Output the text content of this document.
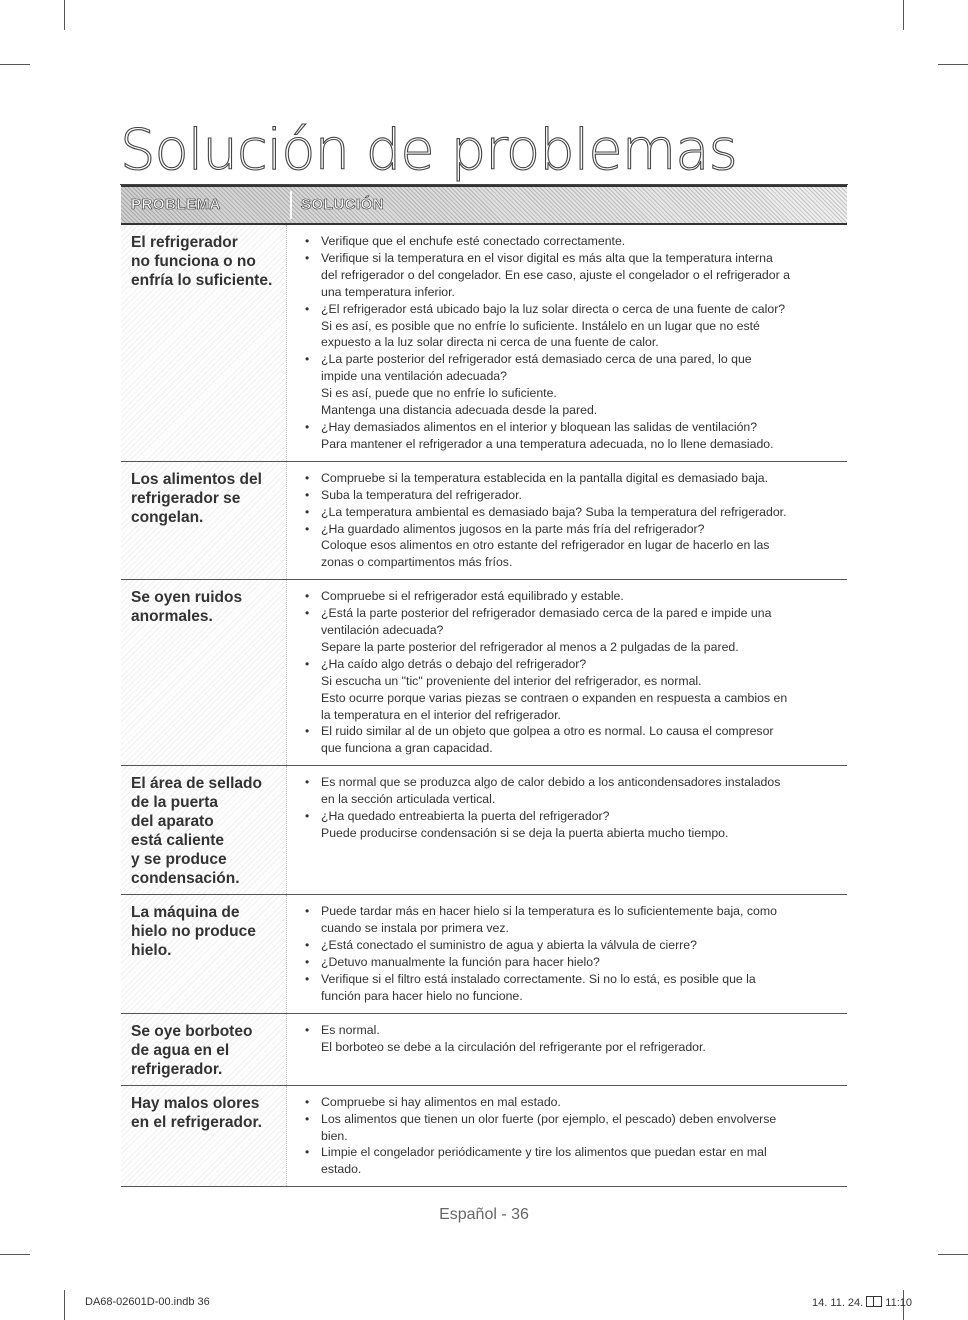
Solución de problemas
PROBLEMA	SOLUCIÓN

El refrigerador
no funciona o no
enfría lo suficiente.

• Verifique que el enchufe esté conectado correctamente.
• Verifique si la temperatura en el visor digital es más alta que la temperatura interna
del refrigerador o del congelador. En ese caso, ajuste el congelador o el refrigerador a
una temperatura inferior.
• ¿El refrigerador está ubicado bajo la luz solar directa o cerca de una fuente de calor?
Si es así, es posible que no enfríe lo suficiente. Instálelo en un lugar que no esté
expuesto a la luz solar directa ni cerca de una fuente de calor.
• ¿La parte posterior del refrigerador está demasiado cerca de una pared, lo que
impide una ventilación adecuada?
Si es así, puede que no enfríe lo suficiente.
Mantenga una distancia adecuada desde la pared.
• ¿Hay demasiados alimentos en el interior y bloquean las salidas de ventilación?
Para mantener el refrigerador a una temperatura adecuada, no lo llene demasiado.

Los alimentos del
refrigerador se
congelan.

• Compruebe si la temperatura establecida en la pantalla digital es demasiado baja.
• Suba la temperatura del refrigerador.
• ¿La temperatura ambiental es demasiado baja? Suba la temperatura del refrigerador.
• ¿Ha guardado alimentos jugosos en la parte más fría del refrigerador?
Coloque esos alimentos en otro estante del refrigerador en lugar de hacerlo en las
zonas o compartimentos más fríos.

Se oyen ruidos
anormales.

• Compruebe si el refrigerador está equilibrado y estable.
• ¿Está la parte posterior del refrigerador demasiado cerca de la pared e impide una
ventilación adecuada?
Separe la parte posterior del refrigerador al menos a 2 pulgadas de la pared.
• ¿Ha caído algo detrás o debajo del refrigerador?
Si escucha un "tic" proveniente del interior del refrigerador, es normal.
Esto ocurre porque varias piezas se contraen o expanden en respuesta a cambios en
la temperatura en el interior del refrigerador.
• El ruido similar al de un objeto que golpea a otro es normal. Lo causa el compresor
que funciona a gran capacidad.

El área de sellado
de la puerta
del aparato
está caliente
y se produce
condensación.

• Es normal que se produzca algo de calor debido a los anticondensadores instalados
en la sección articulada vertical.
• ¿Ha quedado entreabierta la puerta del refrigerador?
Puede producirse condensación si se deja la puerta abierta mucho tiempo.

La máquina de
hielo no produce
hielo.

• Puede tardar más en hacer hielo si la temperatura es lo suficientemente baja, como
cuando se instala por primera vez.
• ¿Está conectado el suministro de agua y abierta la válvula de cierre?
• ¿Detuvo manualmente la función para hacer hielo?
• Verifique si el filtro está instalado correctamente. Si no lo está, es posible que la
función para hacer hielo no funcione.

Se oye borboteo
de agua en el
refrigerador.

• Es normal.
El borboteo se debe a la circulación del refrigerante por el refrigerador.

Hay malos olores
en el refrigerador.

• Compruebe si hay alimentos en mal estado.
• Los alimentos que tienen un olor fuerte (por ejemplo, el pescado) deben envolverse
bien.
• Limpie el congelador periódicamente y tire los alimentos que puedan estar en mal
estado.
Español - 36
DA68-02601D-00.indb 36	14. 11. 24. 11:10
